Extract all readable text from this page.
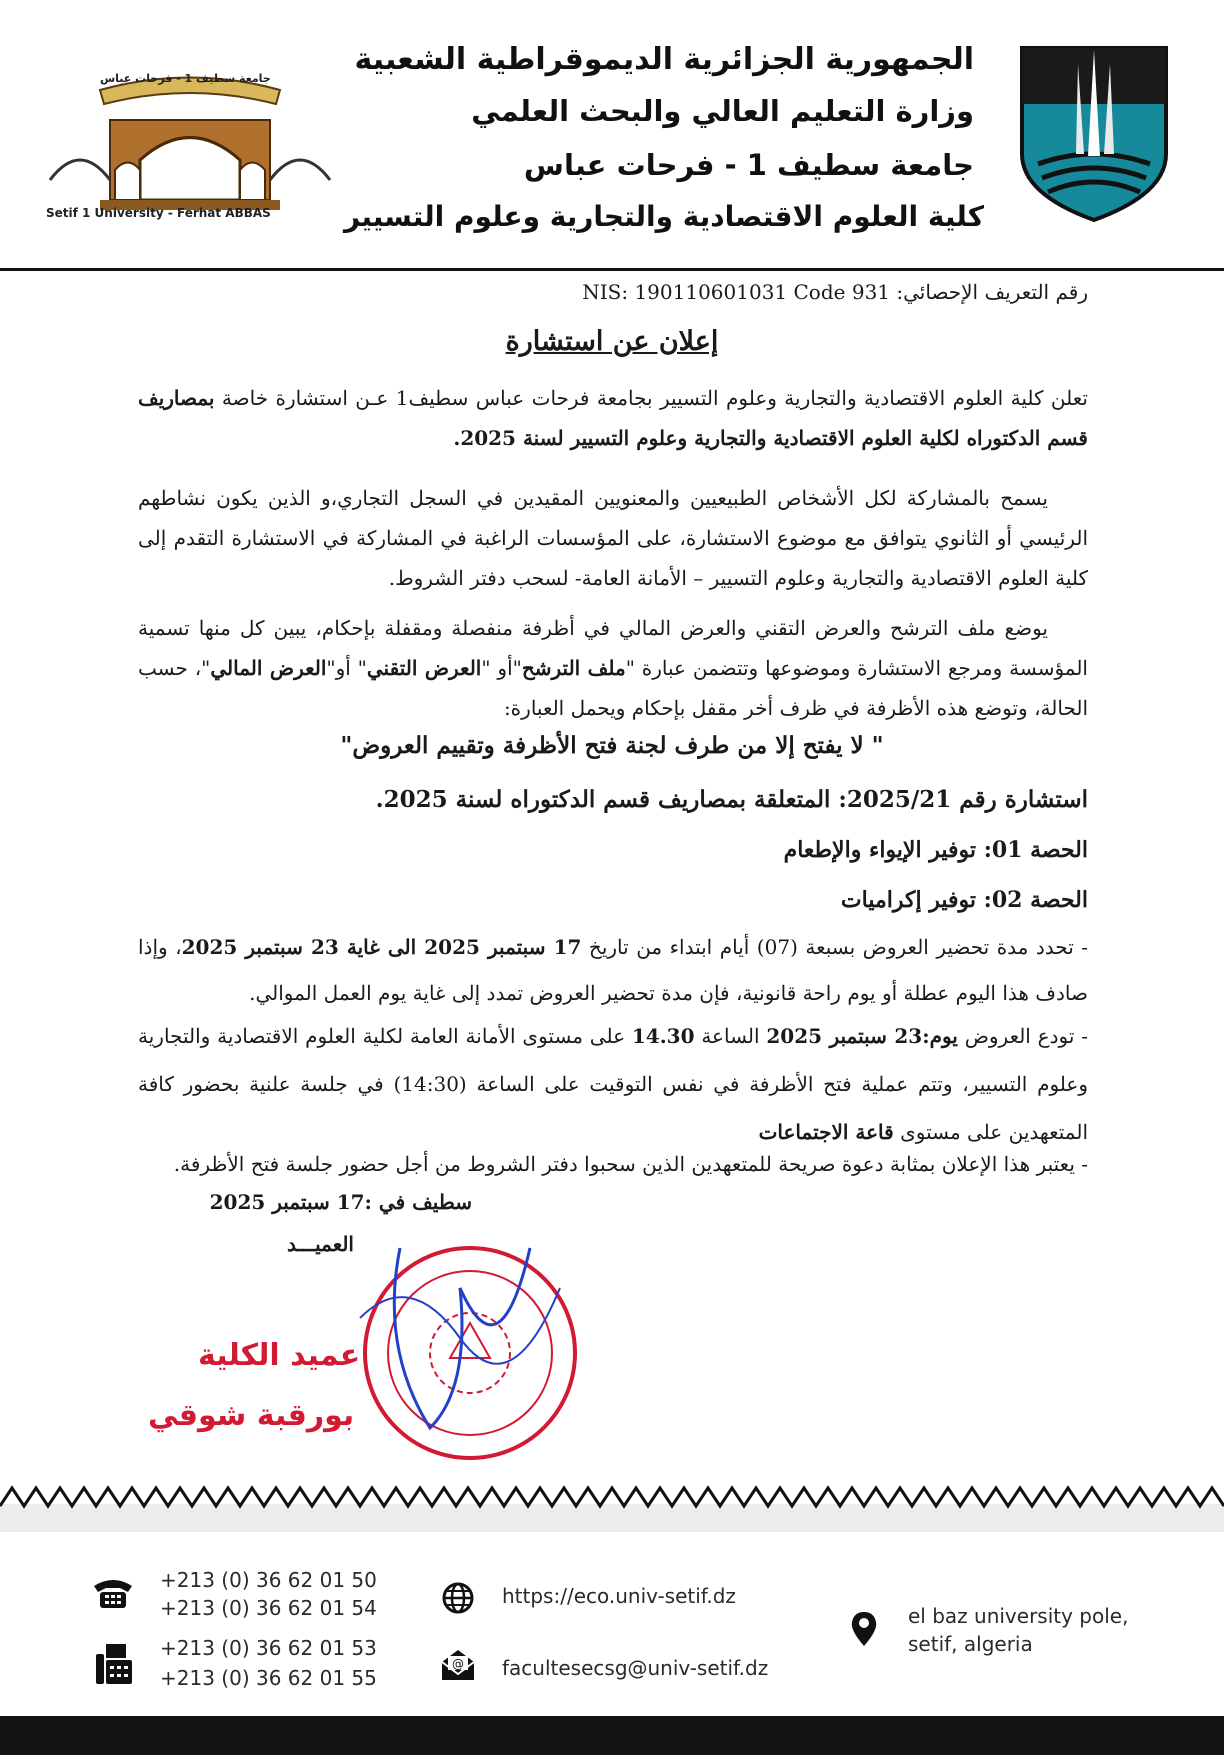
جامعة سطيف 1 - فرحات عباس
Setif 1 University - Ferhat ABBAS
الجمهورية الجزائرية الديموقراطية الشعبية
وزارة التعليم العالي والبحث العلمي
جامعة سطيف 1 - فرحات عباس
كلية العلوم الاقتصادية والتجارية وعلوم التسيير
رقم التعريف الإحصائي: NIS: 190110601031 Code 931
إعلان عن استشارة
تعلن كلية العلوم الاقتصادية والتجارية وعلوم التسيير بجامعة فرحات عباس سطيف1 عـن استشارة خاصة بمصاريف قسم الدكتوراه لكلية العلوم الاقتصادية والتجارية وعلوم التسيير لسنة 2025.
يسمح بالمشاركة لكل الأشخاص الطبيعيين والمعنويين المقيدين في السجل التجاري،و الذين يكون نشاطهم الرئيسي أو الثانوي يتوافق مع موضوع الاستشارة، على المؤسسات الراغبة في المشاركة في الاستشارة التقدم إلى كلية العلوم الاقتصادية والتجارية وعلوم التسيير – الأمانة العامة- لسحب دفتر الشروط.
يوضع ملف الترشح والعرض التقني والعرض المالي في أظرفة منفصلة ومقفلة بإحكام، يبين كل منها تسمية المؤسسة ومرجع الاستشارة وموضوعها وتتضمن عبارة "ملف الترشح"أو "العرض التقني" أو"العرض المالي"، حسب الحالة، وتوضع هذه الأظرفة في ظرف أخر مقفل بإحكام ويحمل العبارة:
"لا يفتح إلا من طرف لجنة فتح الأظرفة وتقييم العروض "
استشارة رقم 2025/21: المتعلقة بمصاريف قسم الدكتوراه لسنة 2025.
الحصة 01: توفير الإيواء والإطعام
الحصة 02: توفير إكراميات
- تحدد مدة تحضير العروض بسبعة (07) أيام ابتداء من تاريخ 17 سبتمبر 2025 الى غاية 23 سبتمبر 2025، وإذا صادف هذا اليوم عطلة أو يوم راحة قانونية، فإن مدة تحضير العروض تمدد إلى غاية يوم العمل الموالي.
- تودع العروض يوم:23 سبتمبر 2025 الساعة 14.30 على مستوى الأمانة العامة لكلية العلوم الاقتصادية والتجارية وعلوم التسيير، وتتم عملية فتح الأظرفة في نفس التوقيت على الساعة (14:30) في جلسة علنية بحضور كافة المتعهدين على مستوى قاعة الاجتماعات
- يعتبر هذا الإعلان بمثابة دعوة صريحة للمتعهدين الذين سحبوا دفتر الشروط من أجل حضور جلسة فتح الأظرفة.
سطيف في :17 سبتمبر 2025
العميـــد
عميد الكلية
بورقبة شوقي
+213 (0) 36 62 01 50
+213 (0) 36 62 01 54
+213 (0) 36 62 01 53
+213 (0) 36 62 01 55
https://eco.univ-setif.dz
@ facultesecsg@univ-setif.dz
el baz university pole,
setif, algeria
